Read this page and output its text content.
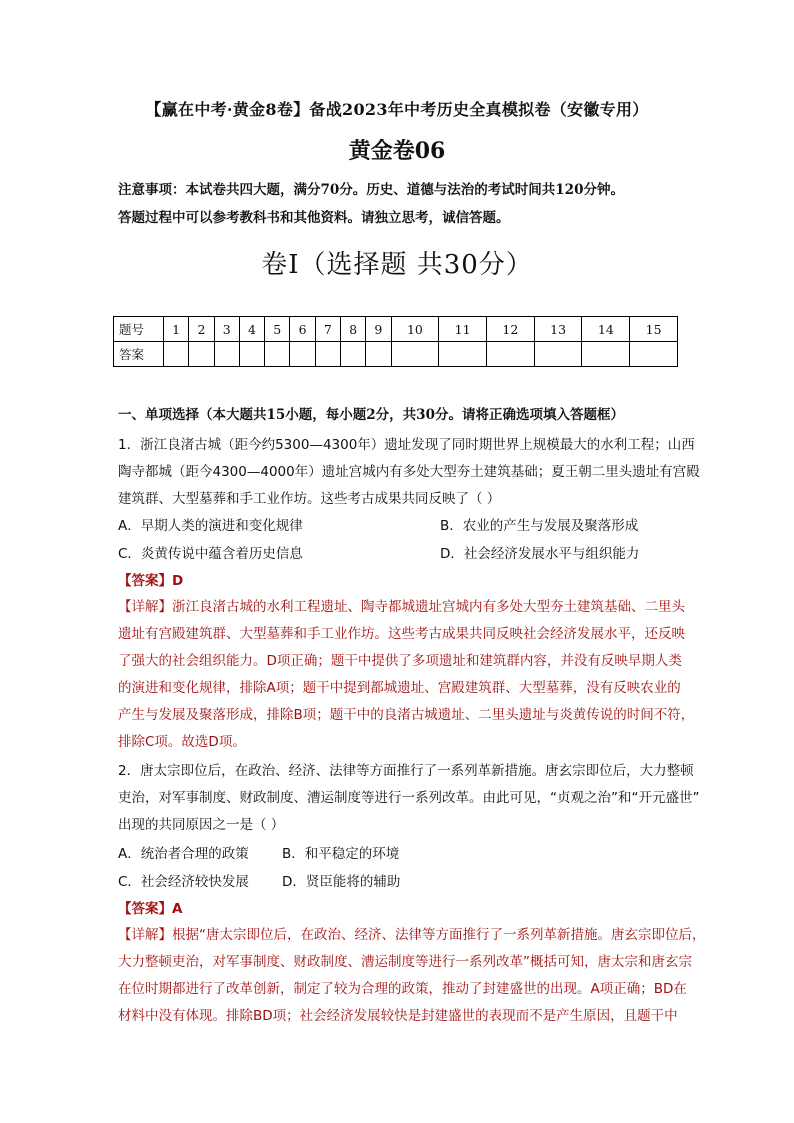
【赢在中考·黄金8卷】备战2023年中考历史全真模拟卷（安徽专用）
黄金卷06
注意事项：本试卷共四大题，满分70分。历史、道德与法治的考试时间共120分钟。
答题过程中可以参考教科书和其他资料。请独立思考，诚信答题。
卷Ⅰ（选择题 共30分）
题号	1	2	3	4	5	6	7	8	9	10	11	12	13	14	15
答案															
一、单项选择（本大题共15小题，每小题2分，共30分。请将正确选项填入答题框）
1．浙江良渚古城（距今约5300—4300年）遗址发现了同时期世界上规模最大的水利工程；山西
陶寺都城（距今4300—4000年）遗址宫城内有多处大型夯土建筑基础；夏王朝二里头遗址有宫殿
建筑群、大型墓葬和手工业作坊。这些考古成果共同反映了（ ）
A．早期人类的演进和变化规律	B．农业的产生与发展及聚落形成
C．炎黄传说中蕴含着历史信息	D．社会经济发展水平与组织能力
【答案】D
【详解】浙江良渚古城的水利工程遗址、陶寺都城遗址宫城内有多处大型夯土建筑基础、二里头
遗址有宫殿建筑群、大型墓葬和手工业作坊。这些考古成果共同反映社会经济发展水平，还反映
了强大的社会组织能力。D项正确；题干中提供了多项遗址和建筑群内容，并没有反映早期人类
的演进和变化规律，排除A项；题干中提到都城遗址、宫殿建筑群、大型墓葬，没有反映农业的
产生与发展及聚落形成，排除B项；题干中的良渚古城遗址、二里头遗址与炎黄传说的时间不符，
排除C项。故选D项。
2．唐太宗即位后，在政治、经济、法律等方面推行了一系列革新措施。唐玄宗即位后，大力整顿
吏治，对军事制度、财政制度、漕运制度等进行一系列改革。由此可见，“贞观之治”和“开元盛世”
出现的共同原因之一是（ ）
A．统治者合理的政策 B．和平稳定的环境
C．社会经济较快发展 D．贤臣能将的辅助
【答案】A
【详解】根据“唐太宗即位后，在政治、经济、法律等方面推行了一系列革新措施。唐玄宗即位后，
大力整顿吏治，对军事制度、财政制度、漕运制度等进行一系列改革”概括可知，唐太宗和唐玄宗
在位时期都进行了改革创新，制定了较为合理的政策，推动了封建盛世的出现。A项正确；BD在
材料中没有体现。排除BD项；社会经济发展较快是封建盛世的表现而不是产生原因，且题干中
